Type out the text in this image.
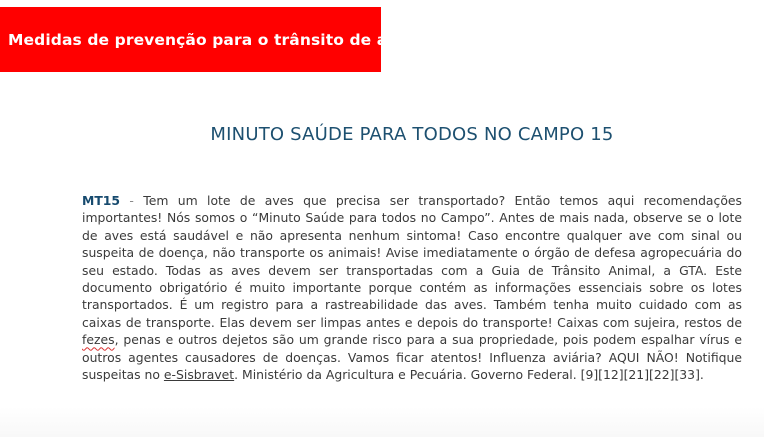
Medidas de prevenção para o trânsito de aves
MINUTO SAÚDE PARA TODOS NO CAMPO 15

MT15 - Tem um lote de aves que precisa ser transportado? Então temos aqui recomendações importantes! Nós somos o “Minuto Saúde para todos no Campo”. Antes de mais nada, observe se o lote de aves está saudável e não apresenta nenhum sintoma! Caso encontre qualquer ave com sinal ou suspeita de doença, não transporte os animais! Avise imediatamente o órgão de defesa agropecuária do seu estado. Todas as aves devem ser transportadas com a Guia de Trânsito Animal, a GTA. Este documento obrigatório é muito importante porque contém as informações essenciais sobre os lotes transportados. É um registro para a rastreabilidade das aves. Também tenha muito cuidado com as caixas de transporte. Elas devem ser limpas antes e depois do transporte! Caixas com sujeira, restos de fezes, penas e outros dejetos são um grande risco para a sua propriedade, pois podem espalhar vírus e outros agentes causadores de doenças. Vamos ficar atentos! Influenza aviária? AQUI NÃO! Notifique suspeitas no e-Sisbravet. Ministério da Agricultura e Pecuária. Governo Federal. [9][12][21][22][33].
